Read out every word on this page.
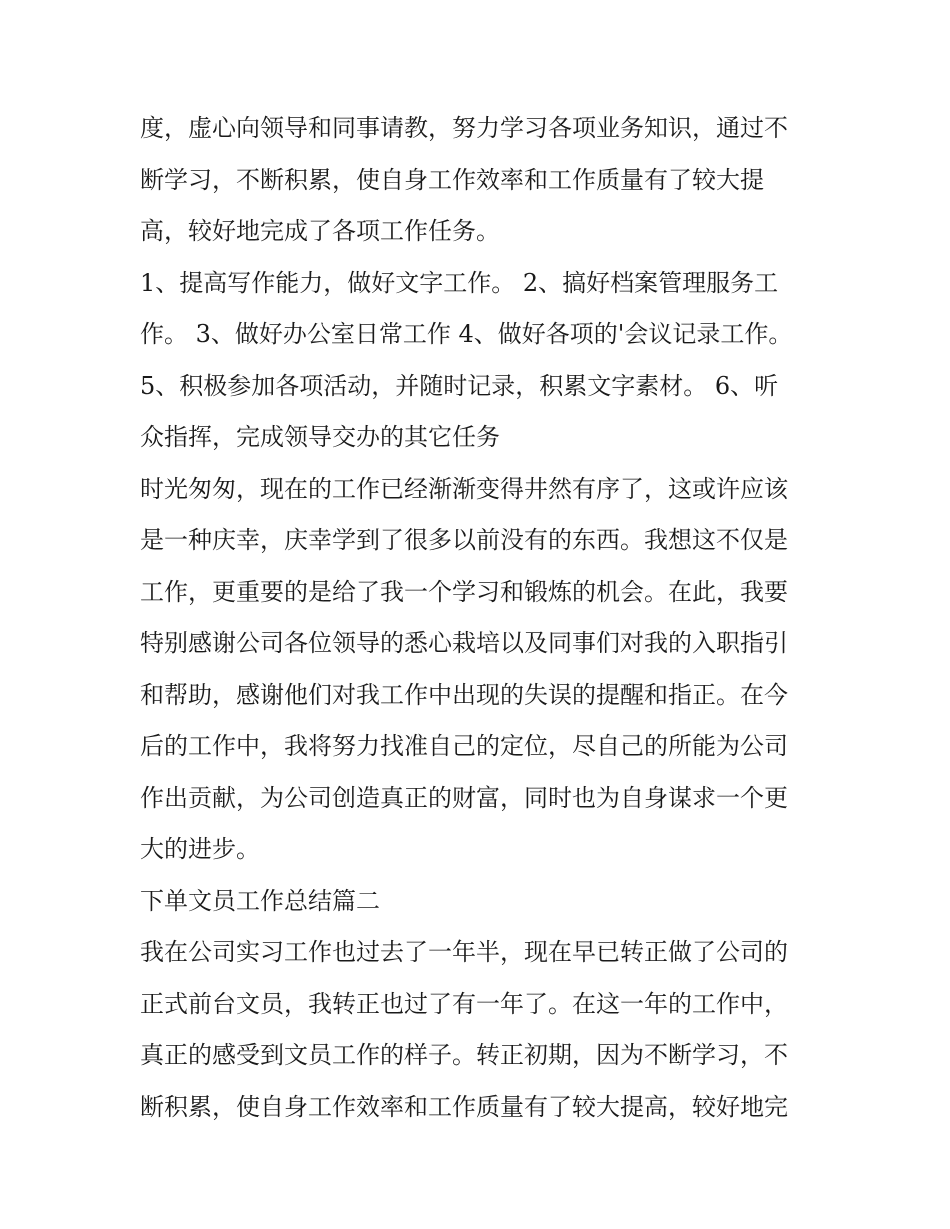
度，虚心向领导和同事请教，努力学习各项业务知识，通过不
断学习，不断积累，使自身工作效率和工作质量有了较大提
高，较好地完成了各项工作任务。
1、提高写作能力，做好文字工作。 2、搞好档案管理服务工
作。 3、做好办公室日常工作 4、做好各项的'会议记录工作。
5、积极参加各项活动，并随时记录，积累文字素材。 6、听
众指挥，完成领导交办的其它任务
时光匆匆，现在的工作已经渐渐变得井然有序了，这或许应该
是一种庆幸，庆幸学到了很多以前没有的东西。我想这不仅是
工作，更重要的是给了我一个学习和锻炼的机会。在此，我要
特别感谢公司各位领导的悉心栽培以及同事们对我的入职指引
和帮助，感谢他们对我工作中出现的失误的提醒和指正。在今
后的工作中，我将努力找准自己的定位，尽自己的所能为公司
作出贡献，为公司创造真正的财富，同时也为自身谋求一个更
大的进步。
下单文员工作总结篇二
我在公司实习工作也过去了一年半，现在早已转正做了公司的
正式前台文员，我转正也过了有一年了。在这一年的工作中，
真正的感受到文员工作的样子。转正初期，因为不断学习，不
断积累，使自身工作效率和工作质量有了较大提高，较好地完
